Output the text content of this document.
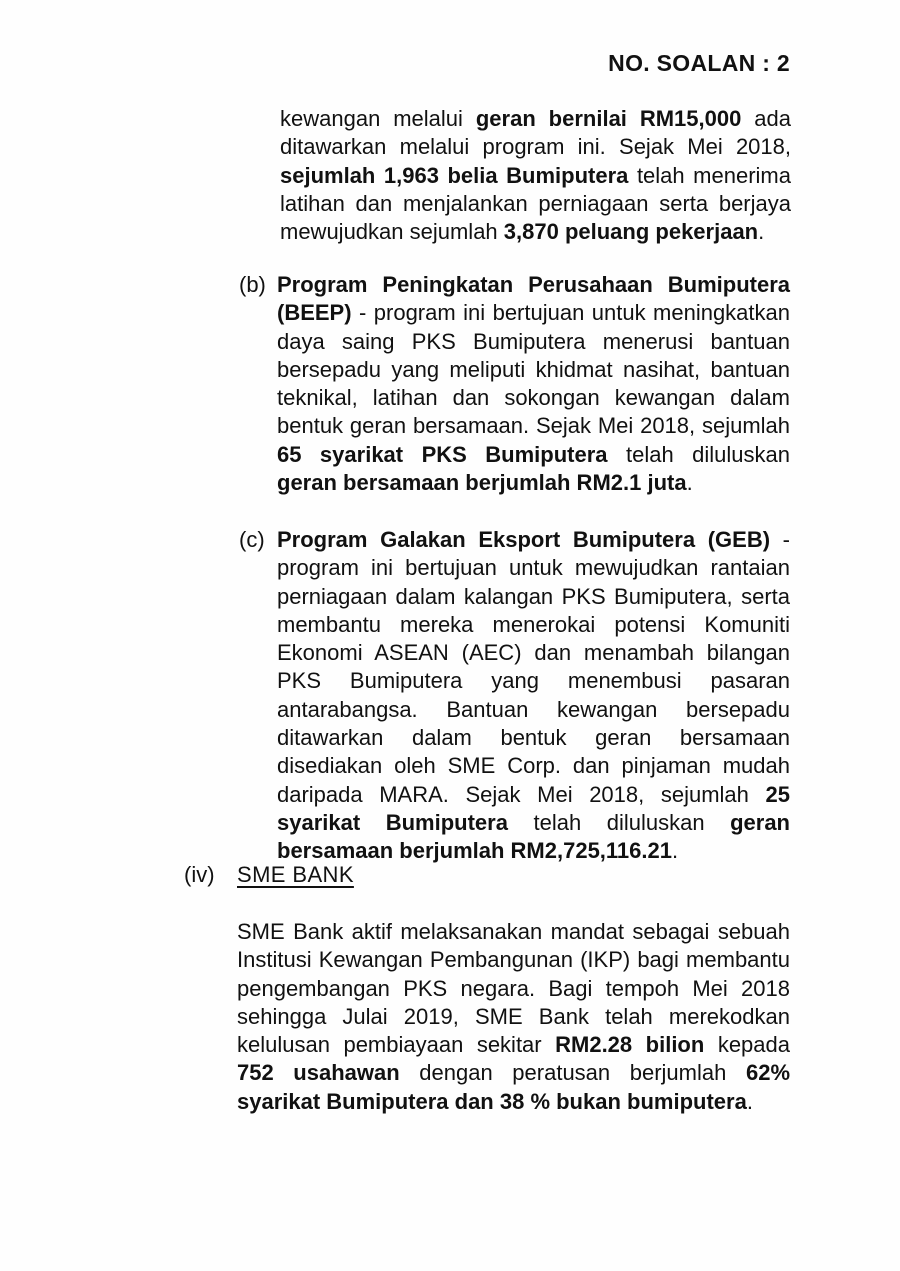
NO. SOALAN : 2
kewangan melalui geran bernilai RM15,000 ada ditawarkan melalui program ini. Sejak Mei 2018, sejumlah 1,963 belia Bumiputera telah menerima latihan dan menjalankan perniagaan serta berjaya mewujudkan sejumlah 3,870 peluang pekerjaan.
(b) Program Peningkatan Perusahaan Bumiputera (BEEP) - program ini bertujuan untuk meningkatkan daya saing PKS Bumiputera menerusi bantuan bersepadu yang meliputi khidmat nasihat, bantuan teknikal, latihan dan sokongan kewangan dalam bentuk geran bersamaan. Sejak Mei 2018, sejumlah 65 syarikat PKS Bumiputera telah diluluskan geran bersamaan berjumlah RM2.1 juta.
(c) Program Galakan Eksport Bumiputera (GEB) - program ini bertujuan untuk mewujudkan rantaian perniagaan dalam kalangan PKS Bumiputera, serta membantu mereka menerokai potensi Komuniti Ekonomi ASEAN (AEC) dan menambah bilangan PKS Bumiputera yang menembusi pasaran antarabangsa. Bantuan kewangan bersepadu ditawarkan dalam bentuk geran bersamaan disediakan oleh SME Corp. dan pinjaman mudah daripada MARA. Sejak Mei 2018, sejumlah 25 syarikat Bumiputera telah diluluskan geran bersamaan berjumlah RM2,725,116.21.
(iv)	SME BANK
SME Bank aktif melaksanakan mandat sebagai sebuah Institusi Kewangan Pembangunan (IKP) bagi membantu pengembangan PKS negara. Bagi tempoh Mei 2018 sehingga Julai 2019, SME Bank telah merekodkan kelulusan pembiayaan sekitar RM2.28 bilion kepada 752 usahawan dengan peratusan berjumlah 62% syarikat Bumiputera dan 38 % bukan bumiputera.
